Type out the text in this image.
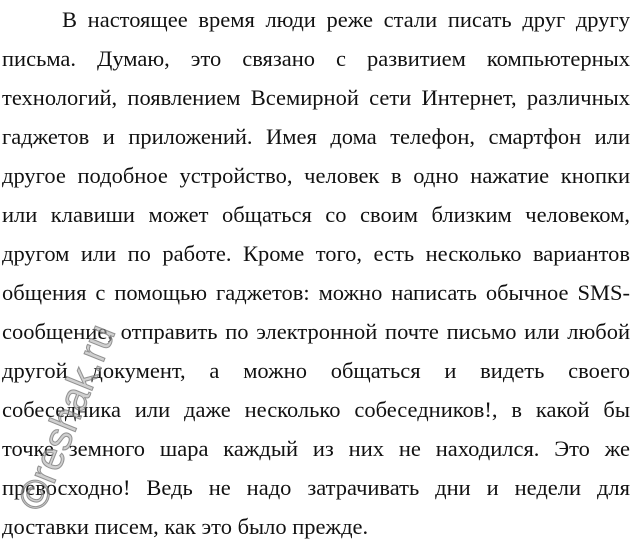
В настоящее время люди реже стали писать друг другу
письма. Думаю, это связано с развитием компьютерных
технологий, появлением Всемирной сети Интернет, различных
гаджетов и приложений. Имея дома телефон, смартфон или
другое подобное устройство, человек в одно нажатие кнопки
или клавиши может общаться со своим близким человеком,
другом или по работе. Кроме того, есть несколько вариантов
общения с помощью гаджетов: можно написать обычное SMS-
сообщение, отправить по электронной почте письмо или любой
другой документ, а можно общаться и видеть своего
собеседника или даже несколько собеседников!, в какой бы
точке земного шара каждый из них не находился. Это же
превосходно! Ведь не надо затрачивать дни и недели для
доставки писем, как это было прежде.
©reshak.ru
